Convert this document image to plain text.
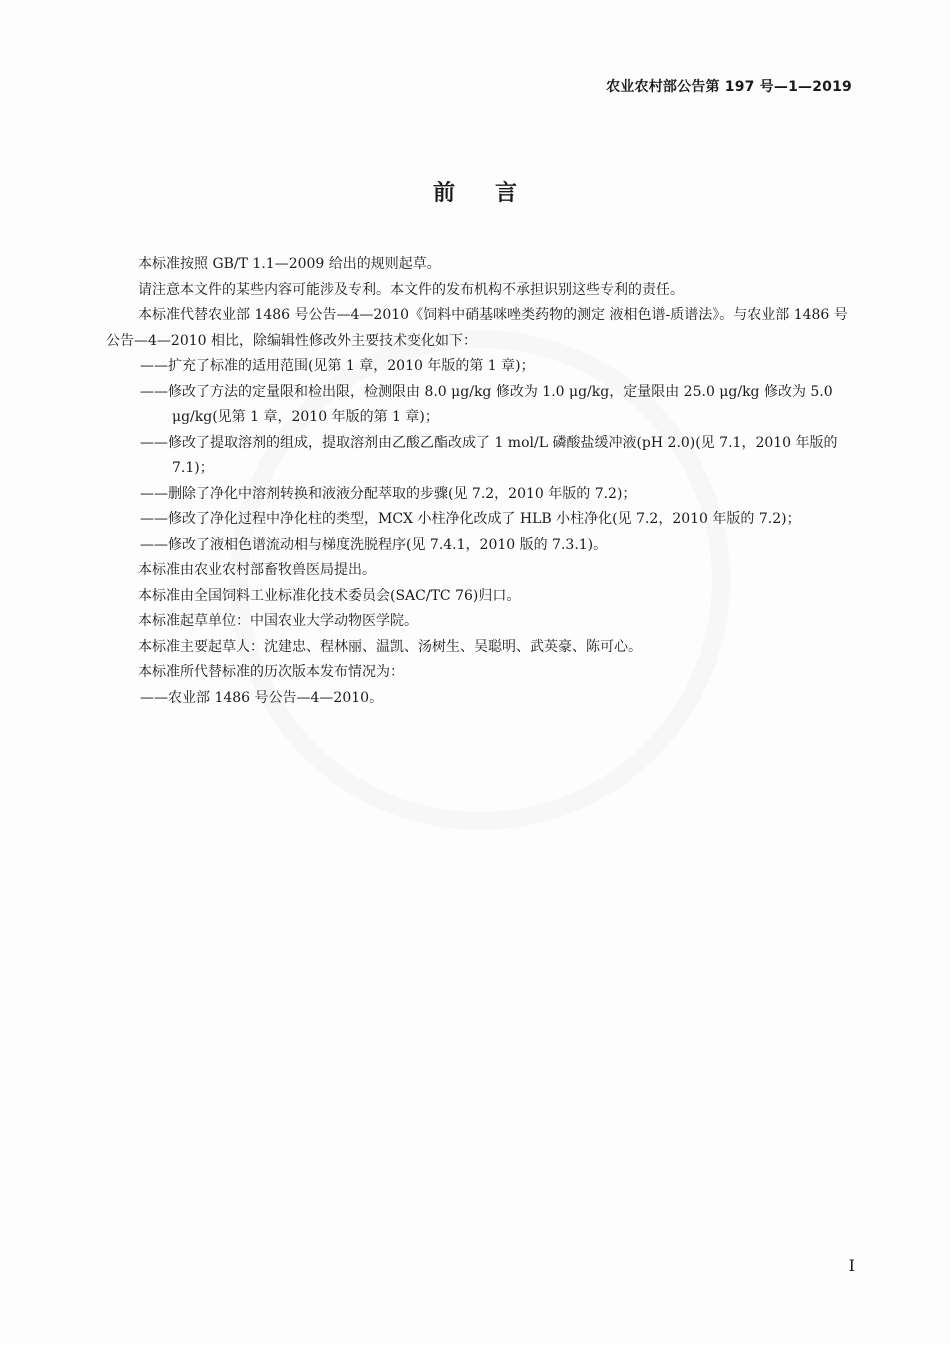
农业农村部公告第 197 号—1—2019
前言

本标准按照 GB/T 1.1—2009 给出的规则起草。

请注意本文件的某些内容可能涉及专利。本文件的发布机构不承担识别这些专利的责任。

本标准代替农业部 1486 号公告—4—2010《饲料中硝基咪唑类药物的测定 液相色谱-质谱法》。与农业部 1486 号公告—4—2010 相比，除编辑性修改外主要技术变化如下：

——扩充了标准的适用范围(见第 1 章，2010 年版的第 1 章)；

——修改了方法的定量限和检出限，检测限由 8.0 μg/kg 修改为 1.0 μg/kg，定量限由 25.0 μg/kg 修改为 5.0 μg/kg(见第 1 章，2010 年版的第 1 章)；

——修改了提取溶剂的组成，提取溶剂由乙酸乙酯改成了 1 mol/L 磷酸盐缓冲液(pH 2.0)(见 7.1，2010 年版的 7.1)；

——删除了净化中溶剂转换和液液分配萃取的步骤(见 7.2，2010 年版的 7.2)；

——修改了净化过程中净化柱的类型，MCX 小柱净化改成了 HLB 小柱净化(见 7.2，2010 年版的 7.2)；

——修改了液相色谱流动相与梯度洗脱程序(见 7.4.1，2010 版的 7.3.1)。

本标准由农业农村部畜牧兽医局提出。

本标准由全国饲料工业标准化技术委员会(SAC/TC 76)归口。

本标准起草单位：中国农业大学动物医学院。

本标准主要起草人：沈建忠、程林丽、温凯、汤树生、吴聪明、武英豪、陈可心。

本标准所代替标准的历次版本发布情况为：

——农业部 1486 号公告—4—2010。

I
